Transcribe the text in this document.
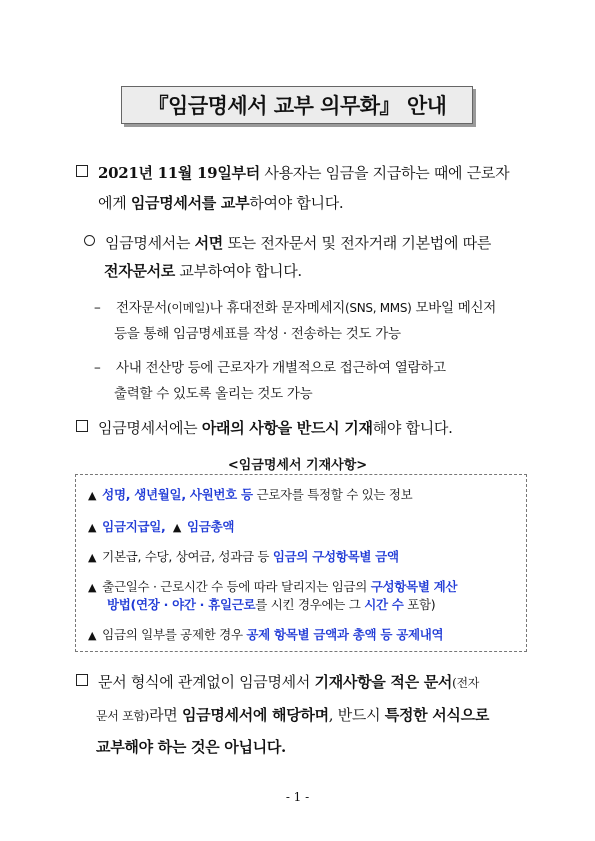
『임금명세서 교부 의무화』 안내
2021년 11월 19일부터 사용자는 임금을 지급하는 때에 근로자
에게 임금명세서를 교부하여야 합니다.
임금명세서는 서면 또는 전자문서 및 전자거래 기본법에 따른
전자문서로 교부하여야 합니다.
– 전자문서(이메일)나 휴대전화 문자메세지(SNS, MMS) 모바일 메신저
등을 통해 임금명세표를 작성 · 전송하는 것도 가능
– 사내 전산망 등에 근로자가 개별적으로 접근하여 열람하고
출력할 수 있도록 올리는 것도 가능
임금명세서에는 아래의 사항을 반드시 기재해야 합니다.
<임금명세서 기재사항>
▲ 성명, 생년월일, 사원번호 등 근로자를 특정할 수 있는 정보
▲ 임금지급일, ▲ 임금총액
▲ 기본급, 수당, 상여금, 성과금 등 임금의 구성항목별 금액
▲ 출근일수 · 근로시간 수 등에 따라 달리지는 임금의 구성항목별 계산
방법(연장 · 야간 · 휴일근로를 시킨 경우에는 그 시간 수 포함)
▲ 임금의 일부를 공제한 경우 공제 항목별 금액과 총액 등 공제내역
문서 형식에 관계없이 임금명세서 기재사항을 적은 문서(전자
문서 포함)라면 임금명세서에 해당하며, 반드시 특정한 서식으로
교부해야 하는 것은 아닙니다.
- 1 -
